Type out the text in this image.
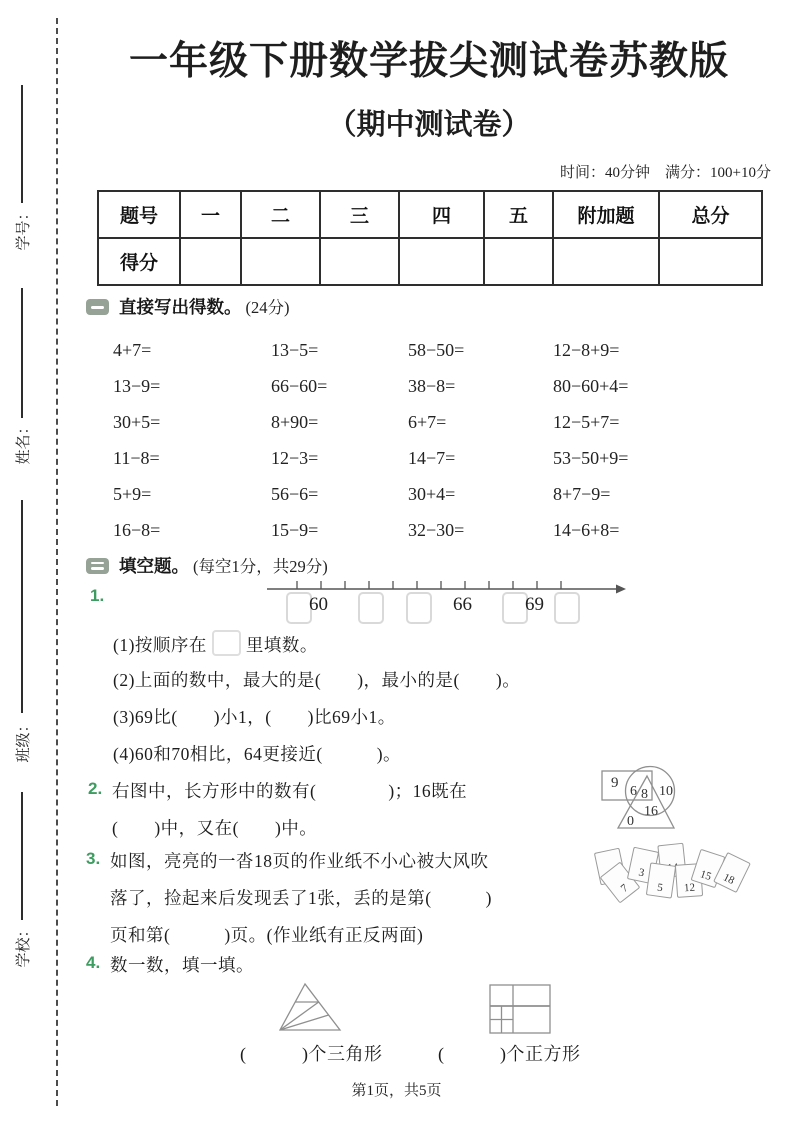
学号：
姓名：
班级：
学校：
一年级下册数学拔尖测试卷苏教版
（期中测试卷）
时间：40分钟　满分：100+10分
题号	一	二	三	四	五	附加题	总分
得分							
直接写出得数。 (24分)
4+7=	13−5=	58−50=	12−8+9=
13−9=	66−60=	38−8=	80−60+4=
30+5=	8+90=	6+7=	12−5+7=
11−8=	12−3=	14−7=	53−50+9=
5+9=	56−6=	30+4=	8+7−9=
16−8=	15−9=	32−30=	14−6+8=
填空题。 (每空1分，共29分)
1.	60	66	69
(1)按顺序在 里填数。
(2)上面的数中，最大的是(　　)，最小的是(　　)。
(3)69比(　　)小1，(　　)比69小1。
(4)60和70相比，64更接近(　　　)。
2. 右图中，长方形中的数有(　　　　)；16既在
(　　)中，又在(　　)中。
9
6 8 10
16
0
3. 如图，亮亮的一沓18页的作业纸不小心被大风吹
落了，捡起来后发现丢了1张，丢的是第(　　　)
页和第(　　　)页。(作业纸有正反两面)
7
3
5	12
15 18
4. 数一数，填一填。
(　　　)个三角形	(　　　)个正方形
第1页，共5页
